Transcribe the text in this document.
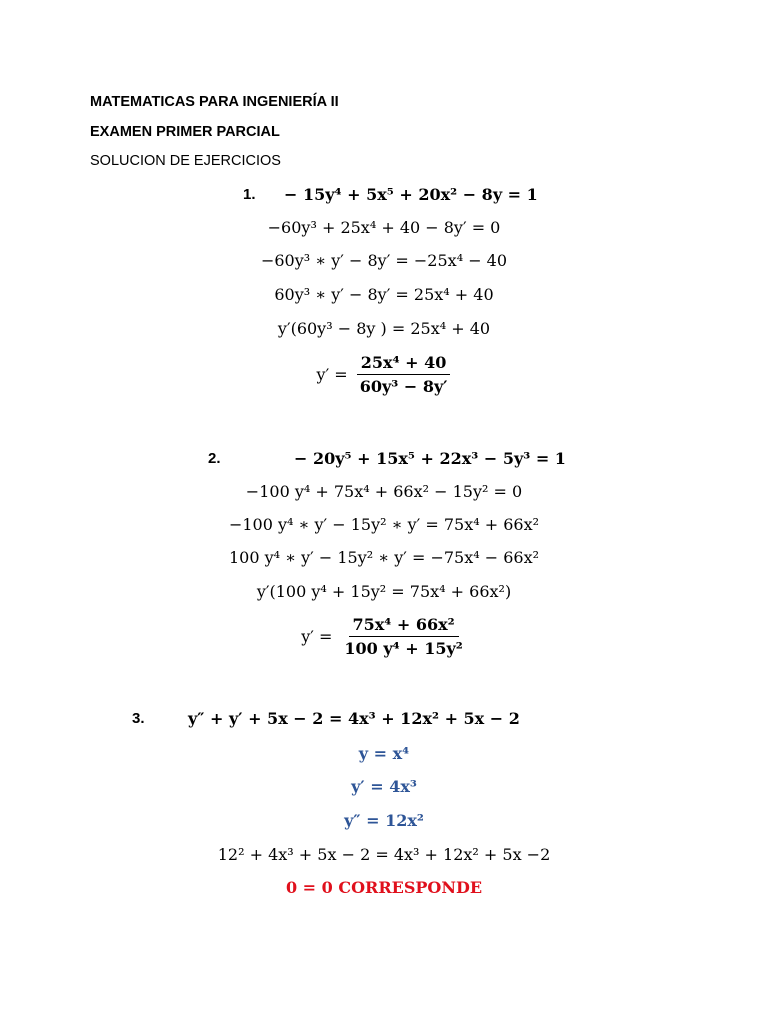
MATEMATICAS PARA INGENIERÍA II
EXAMEN PRIMER PARCIAL
SOLUCION DE EJERCICIOS
1. − 15y⁴ + 5x⁵ + 20x² − 8y = 1
−60y³ + 25x⁴ + 40 − 8y′ = 0
−60y³ ∗ y′ − 8y′ = −25x⁴ − 40
60y³ ∗ y′ − 8y′ = 25x⁴ + 40
y′(60y³ − 8y ) = 25x⁴ + 40
$y' = \frac{\text{25x⁴ + 40}}{\text{60y³ − 8y′}}$
2.	− 20y⁵ + 15x⁵ + 22x³ − 5y³ = 1
−100 y⁴ + 75x⁴ + 66x² − 15y² = 0
−100 y⁴ ∗ y′ − 15y² ∗ y′ = 75x⁴ + 66x²
100 y⁴ ∗ y′ − 15y² ∗ y′ = −75x⁴ − 66x²
y′(100 y⁴ + 15y² = 75x⁴ + 66x²)
$y' = \frac{\text{75x⁴ + 66x²}}{\text{100 y⁴ + 15y²}}$
3.	y″ + y′ + 5x − 2 = 4x³ + 12x² + 5x − 2
y = x⁴
y′ = 4x³
y″ = 12x²
12² + 4x³ + 5x − 2 = 4x³ + 12x² + 5x −2
0 = 0 CORRESPONDE
